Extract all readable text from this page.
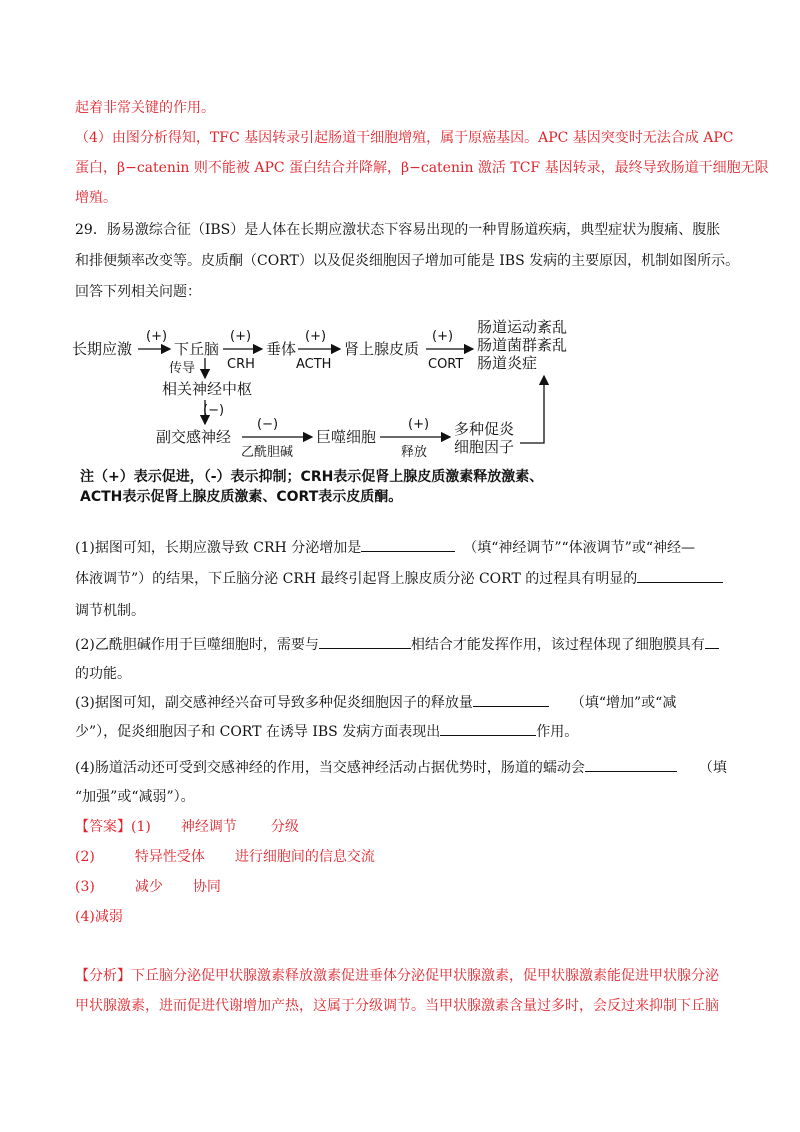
起着非常关键的作用。
（4）由图分析得知，TFC 基因转录引起肠道干细胞增殖，属于原癌基因。APC 基因突变时无法合成 APC
蛋白，β−catenin 则不能被 APC 蛋白结合并降解，β−catenin 激活 TCF 基因转录，最终导致肠道干细胞无限
增殖。
29．肠易激综合征（IBS）是人体在长期应激状态下容易出现的一种胃肠道疾病，典型症状为腹痛、腹胀
和排便频率改变等。皮质酮（CORT）以及促炎细胞因子增加可能是 IBS 发病的主要原因，机制如图所示。
回答下列相关问题：
长期应激	下丘脑	垂体	肾上腺皮质
肠道运动紊乱
肠道菌群紊乱
肠道炎症
相关神经中枢
副交感神经	巨噬细胞	多种促炎
细胞因子
(+)	(+)	(+)	(+)
(−)
(−)	(+)
CRH	ACTH	CORT
传导
乙酰胆碱	释放
注（+）表示促进，（-）表示抑制；CRH表示促肾上腺皮质激素释放激素、
ACTH表示促肾上腺皮质激素、CORT表示皮质酮。
(1)据图可知，长期应激导致 CRH 分泌增加是	（填“神经调节”“体液调节”或“神经—
体液调节”）的结果，下丘脑分泌 CRH 最终引起肾上腺皮质分泌 CORT 的过程具有明显的
调节机制。
(2)乙酰胆碱作用于巨噬细胞时，需要与	相结合才能发挥作用，该过程体现了细胞膜具有
的功能。
(3)据图可知，副交感神经兴奋可导致多种促炎细胞因子的释放量	（填“增加”或“减
少”），促炎细胞因子和 CORT 在诱导 IBS 发病方面表现出	作用。
(4)肠道活动还可受到交感神经的作用，当交感神经活动占据优势时，肠道的蠕动会	（填
“加强”或“减弱”）。
【答案】(1) 神经调节 分级
(2)	特异性受体 进行细胞间的信息交流
(3)	减少 协同
(4)减弱
【分析】下丘脑分泌促甲状腺激素释放激素促进垂体分泌促甲状腺激素，促甲状腺激素能促进甲状腺分泌
甲状腺激素，进而促进代谢增加产热，这属于分级调节。当甲状腺激素含量过多时，会反过来抑制下丘脑
